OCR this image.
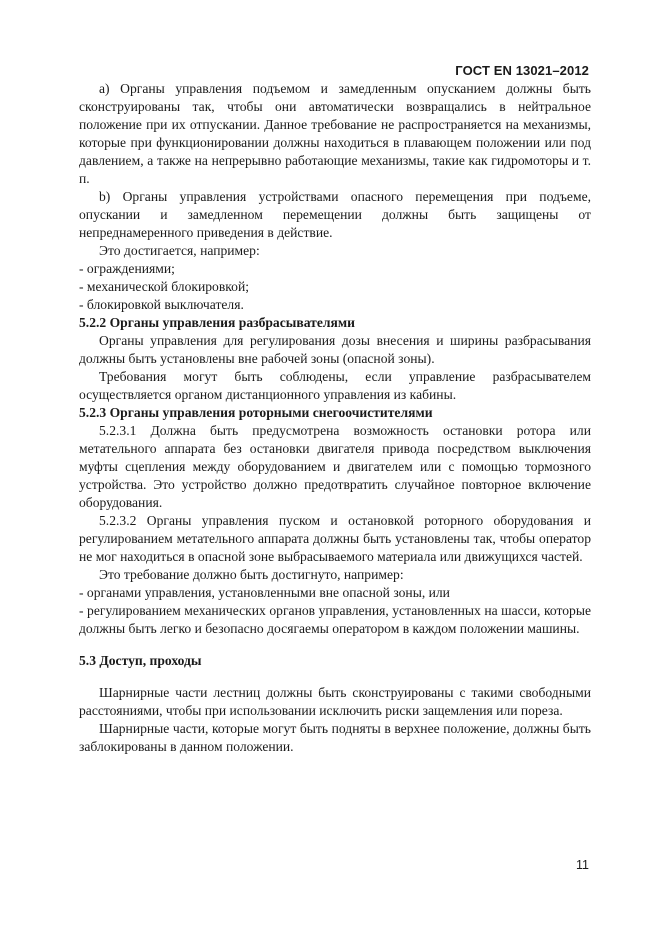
ГОСТ EN 13021–2012

a) Органы управления подъемом и замедленным опусканием должны быть сконструированы так, чтобы они автоматически возвращались в нейтральное положение при их отпускании. Данное требование не распространяется на механизмы, которые при функционировании должны находиться в плавающем положении или под давлением, а также на непрерывно работающие механизмы, такие как гидромоторы и т. п.

b) Органы управления устройствами опасного перемещения при подъеме, опускании и замедленном перемещении должны быть защищены от непреднамеренного приведения в действие.

Это достигается, например:

- ограждениями;

- механической блокировкой;

- блокировкой выключателя.

5.2.2 Органы управления разбрасывателями

Органы управления для регулирования дозы внесения и ширины разбрасывания должны быть установлены вне рабочей зоны (опасной зоны).

Требования могут быть соблюдены, если управление разбрасывателем осуществляется органом дистанционного управления из кабины.

5.2.3 Органы управления роторными снегоочистителями

5.2.3.1 Должна быть предусмотрена возможность остановки ротора или метательного аппарата без остановки двигателя привода посредством выключения муфты сцепления между оборудованием и двигателем или с помощью тормозного устройства. Это устройство должно предотвратить случайное повторное включение оборудования.

5.2.3.2 Органы управления пуском и остановкой роторного оборудования и регулированием метательного аппарата должны быть установлены так, чтобы оператор не мог находиться в опасной зоне выбрасываемого материала или движущихся частей.

Это требование должно быть достигнуто, например:

- органами управления, установленными вне опасной зоны, или

- регулированием механических органов управления, установленных на шасси, которые должны быть легко и безопасно досягаемы оператором в каждом положении машины.

5.3 Доступ, проходы

Шарнирные части лестниц должны быть сконструированы с такими свободными расстояниями, чтобы при использовании исключить риски защемления или пореза.

Шарнирные части, которые могут быть подняты в верхнее положение, должны быть заблокированы в данном положении.

11
